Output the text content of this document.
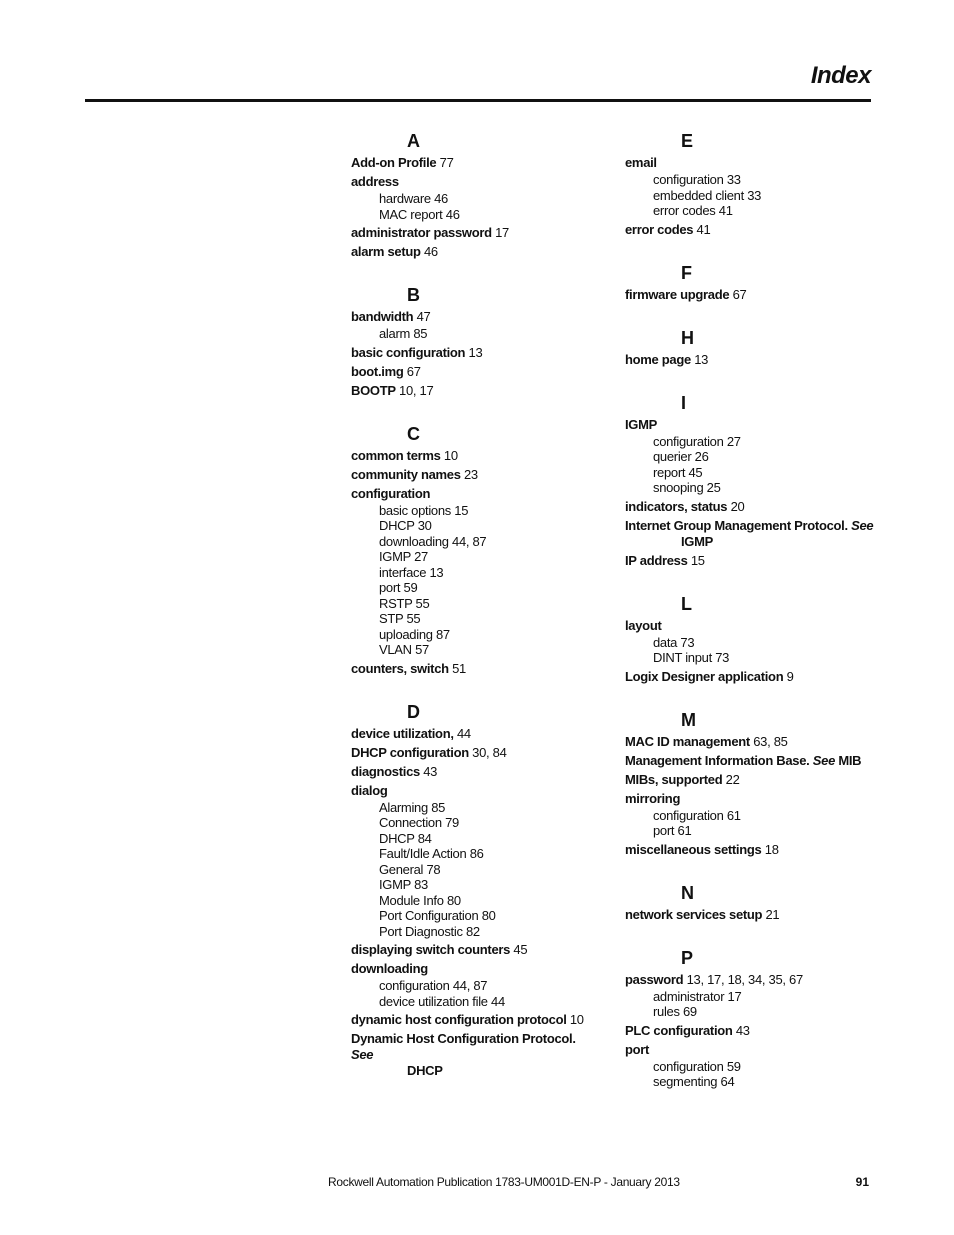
Index
A
Add-on Profile 77
address
hardware 46
MAC report 46
administrator password 17
alarm setup 46
B
bandwidth 47
alarm 85
basic configuration 13
boot.img 67
BOOTP 10, 17
C
common terms 10
community names 23
configuration
basic options 15
DHCP 30
downloading 44, 87
IGMP 27
interface 13
port 59
RSTP 55
STP 55
uploading 87
VLAN 57
counters, switch 51
D
device utilization, 44
DHCP configuration 30, 84
diagnostics 43
dialog
Alarming 85
Connection 79
DHCP 84
Fault/Idle Action 86
General 78
IGMP 83
Module Info 80
Port Configuration 80
Port Diagnostic 82
displaying switch counters 45
downloading
configuration 44, 87
device utilization file 44
dynamic host configuration protocol 10
Dynamic Host Configuration Protocol. See
DHCP
E
email
configuration 33
embedded client 33
error codes 41
error codes 41
F
firmware upgrade 67
H
home page 13
I
IGMP
configuration 27
querier 26
report 45
snooping 25
indicators, status 20
Internet Group Management Protocol. See
IGMP
IP address 15
L
layout
data 73
DINT input 73
Logix Designer application 9
M
MAC ID management 63, 85
Management Information Base. See MIB
MIBs, supported 22
mirroring
configuration 61
port 61
miscellaneous settings 18
N
network services setup 21
P
password 13, 17, 18, 34, 35, 67
administrator 17
rules 69
PLC configuration 43
port
configuration 59
segmenting 64
Rockwell Automation Publication 1783-UM001D-EN-P - January 2013	91
